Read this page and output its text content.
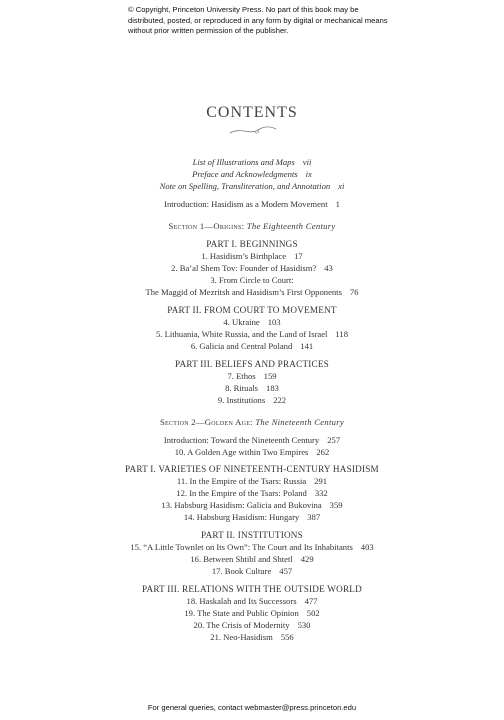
© Copyright, Princeton University Press. No part of this book may be distributed, posted, or reproduced in any form by digital or mechanical means without prior written permission of the publisher.
CONTENTS
List of Illustrations and Maps vii
Preface and Acknowledgments ix
Note on Spelling, Transliteration, and Annotation xi
Introduction: Hasidism as a Modern Movement 1
Section 1—Origins: The Eighteenth Century
PART I. BEGINNINGS
1. Hasidism’s Birthplace 17
2. Ba’al Shem Tov: Founder of Hasidism? 43
3. From Circle to Court:
The Maggid of Mezritsh and Hasidism’s First Opponents 76
PART II. FROM COURT TO MOVEMENT
4. Ukraine 103
5. Lithuania, White Russia, and the Land of Israel 118
6. Galicia and Central Poland 141
PART III. BELIEFS AND PRACTICES
7. Ethos 159
8. Rituals 183
9. Institutions 222
Section 2—Golden Age: The Nineteenth Century
Introduction: Toward the Nineteenth Century 257
10. A Golden Age within Two Empires 262
PART I. VARIETIES OF NINETEENTH-CENTURY HASIDISM
11. In the Empire of the Tsars: Russia 291
12. In the Empire of the Tsars: Poland 332
13. Habsburg Hasidism: Galicia and Bukovina 359
14. Habsburg Hasidism: Hungary 387
PART II. INSTITUTIONS
15. “A Little Townlet on Its Own”: The Court and Its Inhabitants 403
16. Between Shtibl and Shtetl 429
17. Book Culture 457
PART III. RELATIONS WITH THE OUTSIDE WORLD
18. Haskalah and Its Successors 477
19. The State and Public Opinion 502
20. The Crisis of Modernity 530
21. Neo-Hasidism 556
For general queries, contact webmaster@press.princeton.edu
